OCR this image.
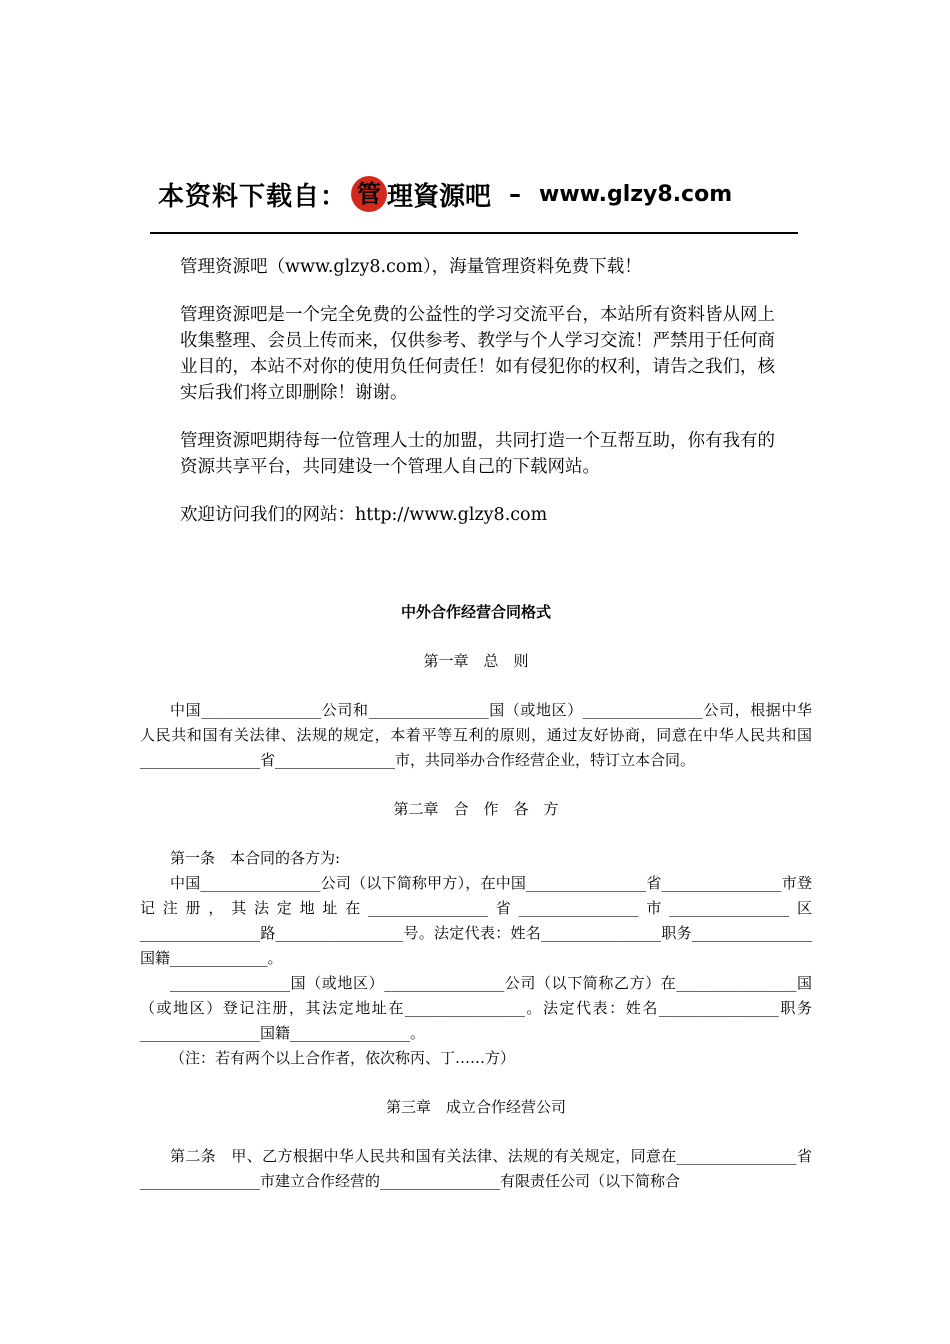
本资料下载自： 管 理資源吧 – www.glzy8.com

管理资源吧（www.glzy8.com），海量管理资料免费下载！

管理资源吧是一个完全免费的公益性的学习交流平台，本站所有资料皆从网上收集整理、会员上传而来，仅供参考、教学与个人学习交流！严禁用于任何商业目的，本站不对你的使用负任何责任！如有侵犯你的权利，请告之我们，核实后我们将立即删除！谢谢。

管理资源吧期待每一位管理人士的加盟，共同打造一个互帮互助，你有我有的资源共享平台，共同建设一个管理人自己的下载网站。

欢迎访问我们的网站：http://www.glzy8.com

中外合作经营合同格式
第一章　总　则
中国________________公司和________________国（或地区）________________公司，根据中华人民共和国有关法律、法规的规定，本着平等互利的原则，通过友好协商，同意在中华人民共和国________________省________________市，共同举办合作经营企业，特订立本合同。
第二章　合　作　各　方
第一条　本合同的各方为:
中国________________公司（以下简称甲方），在中国________________省________________市登记注册，其法定地址在________________省________________市________________区________________路_________________号。法定代表：姓名________________职务________________国籍_____________。
________________国（或地区）________________公司（以下简称乙方）在________________国（或地区）登记注册，其法定地址在________________。法定代表：姓名________________职务________________国籍________________。
（注：若有两个以上合作者，依次称丙、丁……方）
第三章　成立合作经营公司
第二条　甲、乙方根据中华人民共和国有关法律、法规的有关规定，同意在________________省________________市建立合作经营的________________有限责任公司（以下简称合
